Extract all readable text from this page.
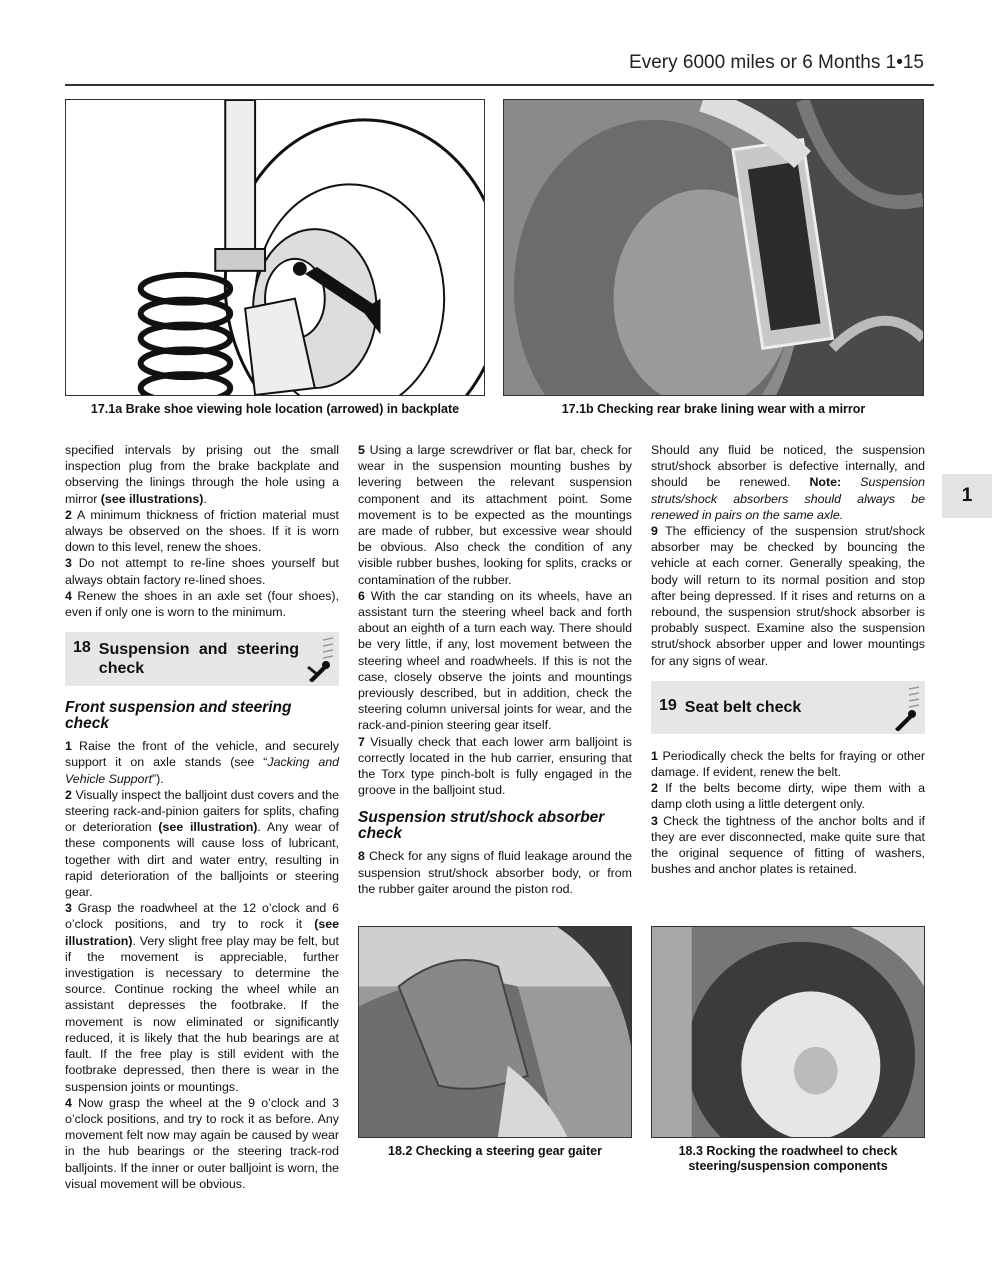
Every 6000 miles or 6 Months 1•15
1
17.1a Brake shoe viewing hole location (arrowed) in backplate	17.1b Checking rear brake lining wear with a mirror

specified intervals by prising out the small inspection plug from the brake backplate and observing the linings through the hole using a mirror (see illustrations).

2 A minimum thickness of friction material must always be observed on the shoes. If it is worn down to this level, renew the shoes.

3 Do not attempt to re-line shoes yourself but always obtain factory re-lined shoes.

4 Renew the shoes in an axle set (four shoes), even if only one is worn to the minimum.

18	Suspension and steering check
Front suspension and steering check

1 Raise the front of the vehicle, and securely support it on axle stands (see “Jacking and Vehicle Support”).

2 Visually inspect the balljoint dust covers and the steering rack-and-pinion gaiters for splits, chafing or deterioration (see illustration). Any wear of these components will cause loss of lubricant, together with dirt and water entry, resulting in rapid deterioration of the balljoints or steering gear.

3 Grasp the roadwheel at the 12 o’clock and 6 o’clock positions, and try to rock it (see illustration). Very slight free play may be felt, but if the movement is appreciable, further investigation is necessary to determine the source. Continue rocking the wheel while an assistant depresses the footbrake. If the movement is now eliminated or significantly reduced, it is likely that the hub bearings are at fault. If the free play is still evident with the footbrake depressed, then there is wear in the suspension joints or mountings.

4 Now grasp the wheel at the 9 o’clock and 3 o’clock positions, and try to rock it as before. Any movement felt now may again be caused by wear in the hub bearings or the steering track-rod balljoints. If the inner or outer balljoint is worn, the visual movement will be obvious.

5 Using a large screwdriver or flat bar, check for wear in the suspension mounting bushes by levering between the relevant suspension component and its attachment point. Some movement is to be expected as the mountings are made of rubber, but excessive wear should be obvious. Also check the condition of any visible rubber bushes, looking for splits, cracks or contamination of the rubber.

6 With the car standing on its wheels, have an assistant turn the steering wheel back and forth about an eighth of a turn each way. There should be very little, if any, lost movement between the steering wheel and roadwheels. If this is not the case, closely observe the joints and mountings previously described, but in addition, check the steering column universal joints for wear, and the rack-and-pinion steering gear itself.

7 Visually check that each lower arm balljoint is correctly located in the hub carrier, ensuring that the Torx type pinch-bolt is fully engaged in the groove in the balljoint stud.

Suspension strut/shock absorber check

8 Check for any signs of fluid leakage around the suspension strut/shock absorber body, or from the rubber gaiter around the piston rod.

Should any fluid be noticed, the suspension strut/shock absorber is defective internally, and should be renewed. Note: Suspension struts/shock absorbers should always be renewed in pairs on the same axle.

9 The efficiency of the suspension strut/shock absorber may be checked by bouncing the vehicle at each corner. Generally speaking, the body will return to its normal position and stop after being depressed. If it rises and returns on a rebound, the suspension strut/shock absorber is probably suspect. Examine also the suspension strut/shock absorber upper and lower mountings for any signs of wear.

19	Seat belt check

1 Periodically check the belts for fraying or other damage. If evident, renew the belt.

2 If the belts become dirty, wipe them with a damp cloth using a little detergent only.

3 Check the tightness of the anchor bolts and if they are ever disconnected, make quite sure that the original sequence of fitting of washers, bushes and anchor plates is retained.

18.2 Checking a steering gear gaiter	18.3 Rocking the roadwheel to check steering/suspension components
